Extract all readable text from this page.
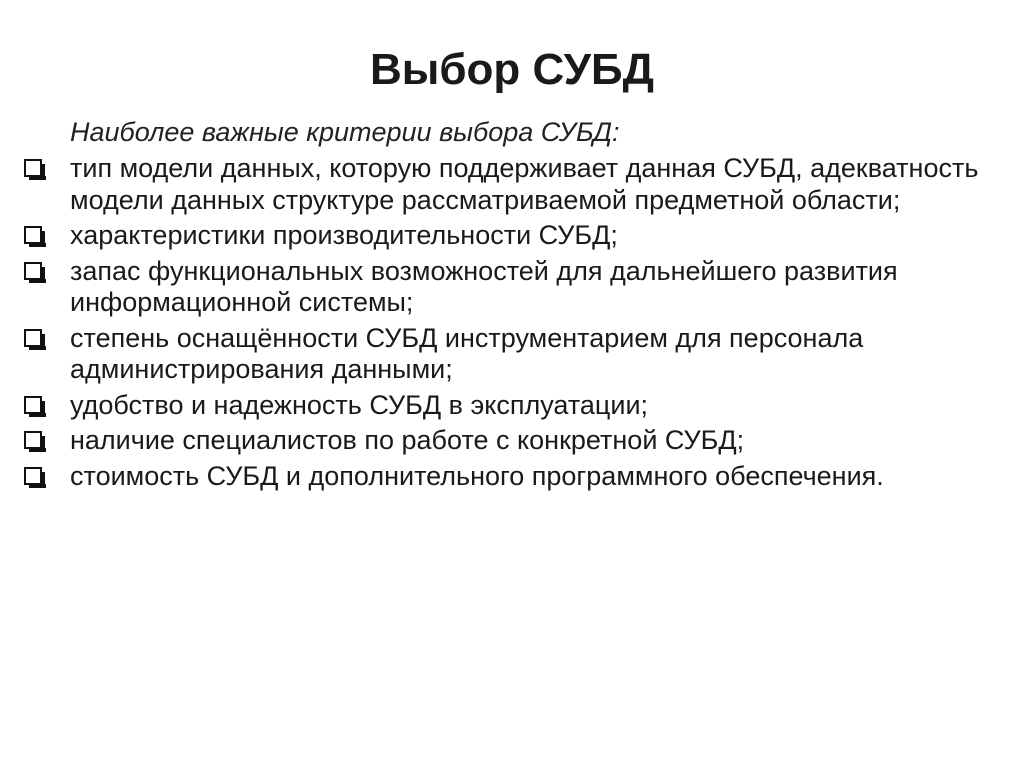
Выбор СУБД
Наиболее важные критерии выбора СУБД:
тип модели данных, которую поддерживает данная СУБД, адекватность модели данных структуре рассматриваемой предметной области;
характеристики производительности СУБД;
запас функциональных возможностей для дальнейшего развития информационной системы;
степень оснащённости СУБД инструментарием для персонала администрирования данными;
удобство и надежность СУБД в эксплуатации;
наличие специалистов по работе с конкретной СУБД;
стоимость СУБД и дополнительного программного обеспечения.
